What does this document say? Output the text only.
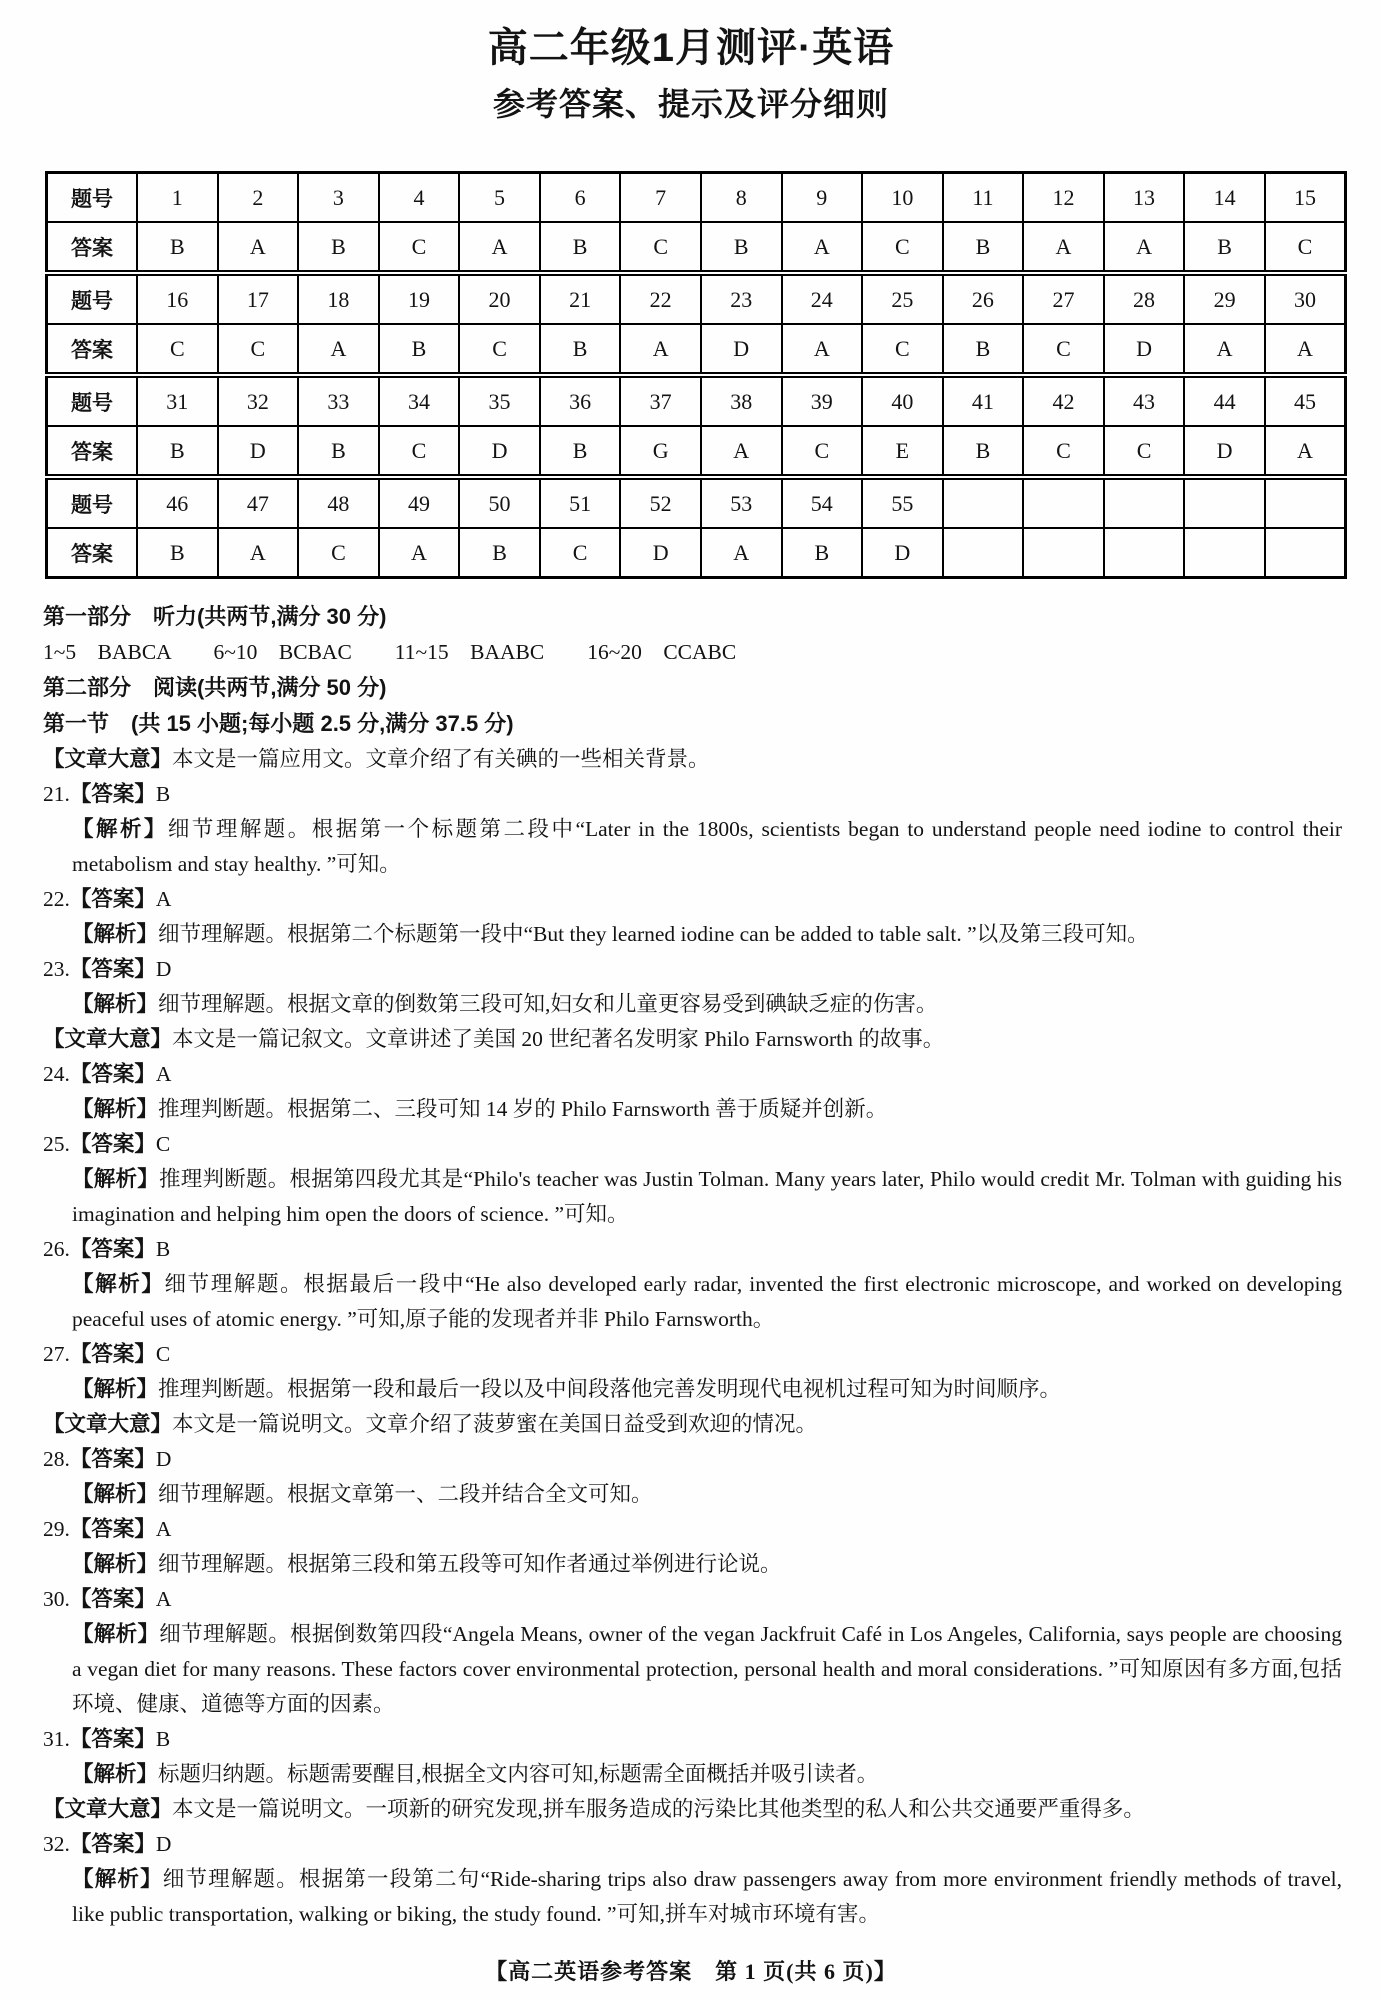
高二年级1月测评·英语
参考答案、提示及评分细则
题号	1	2	3	4	5	6	7	8	9	10	11	12	13	14	15
答案	B	A	B	C	A	B	C	B	A	C	B	A	A	B	C
题号	16	17	18	19	20	21	22	23	24	25	26	27	28	29	30
答案	C	C	A	B	C	B	A	D	A	C	B	C	D	A	A
题号	31	32	33	34	35	36	37	38	39	40	41	42	43	44	45
答案	B	D	B	C	D	B	G	A	C	E	B	C	C	D	A
题号	46	47	48	49	50	51	52	53	54	55					
答案	B	A	C	A	B	C	D	A	B	D					

第一部分　听力(共两节,满分 30 分)

1~5　BABCA　　6~10　BCBAC　　11~15　BAABC　　16~20　CCABC

第二部分　阅读(共两节,满分 50 分)

第一节　(共 15 小题;每小题 2.5 分,满分 37.5 分)

【文章大意】本文是一篇应用文。文章介绍了有关碘的一些相关背景。

21.【答案】B

【解析】细节理解题。根据第一个标题第二段中“Later in the 1800s, scientists began to understand people need iodine to control their metabolism and stay healthy. ”可知。

22.【答案】A

【解析】细节理解题。根据第二个标题第一段中“But they learned iodine can be added to table salt. ”以及第三段可知。

23.【答案】D

【解析】细节理解题。根据文章的倒数第三段可知,妇女和儿童更容易受到碘缺乏症的伤害。

【文章大意】本文是一篇记叙文。文章讲述了美国 20 世纪著名发明家 Philo Farnsworth 的故事。

24.【答案】A

【解析】推理判断题。根据第二、三段可知 14 岁的 Philo Farnsworth 善于质疑并创新。

25.【答案】C

【解析】推理判断题。根据第四段尤其是“Philo's teacher was Justin Tolman. Many years later, Philo would credit Mr. Tolman with guiding his imagination and helping him open the doors of science. ”可知。

26.【答案】B

【解析】细节理解题。根据最后一段中“He also developed early radar, invented the first electronic microscope, and worked on developing peaceful uses of atomic energy. ”可知,原子能的发现者并非 Philo Farnsworth。

27.【答案】C

【解析】推理判断题。根据第一段和最后一段以及中间段落他完善发明现代电视机过程可知为时间顺序。

【文章大意】本文是一篇说明文。文章介绍了菠萝蜜在美国日益受到欢迎的情况。

28.【答案】D

【解析】细节理解题。根据文章第一、二段并结合全文可知。

29.【答案】A

【解析】细节理解题。根据第三段和第五段等可知作者通过举例进行论说。

30.【答案】A

【解析】细节理解题。根据倒数第四段“Angela Means, owner of the vegan Jackfruit Café in Los Angeles, California, says people are choosing a vegan diet for many reasons. These factors cover environmental protection, personal health and moral considerations. ”可知原因有多方面,包括环境、健康、道德等方面的因素。

31.【答案】B

【解析】标题归纳题。标题需要醒目,根据全文内容可知,标题需全面概括并吸引读者。

【文章大意】本文是一篇说明文。一项新的研究发现,拼车服务造成的污染比其他类型的私人和公共交通要严重得多。

32.【答案】D

【解析】细节理解题。根据第一段第二句“Ride-sharing trips also draw passengers away from more environment friendly methods of travel, like public transportation, walking or biking, the study found. ”可知,拼车对城市环境有害。

【高二英语参考答案　第 1 页(共 6 页)】
